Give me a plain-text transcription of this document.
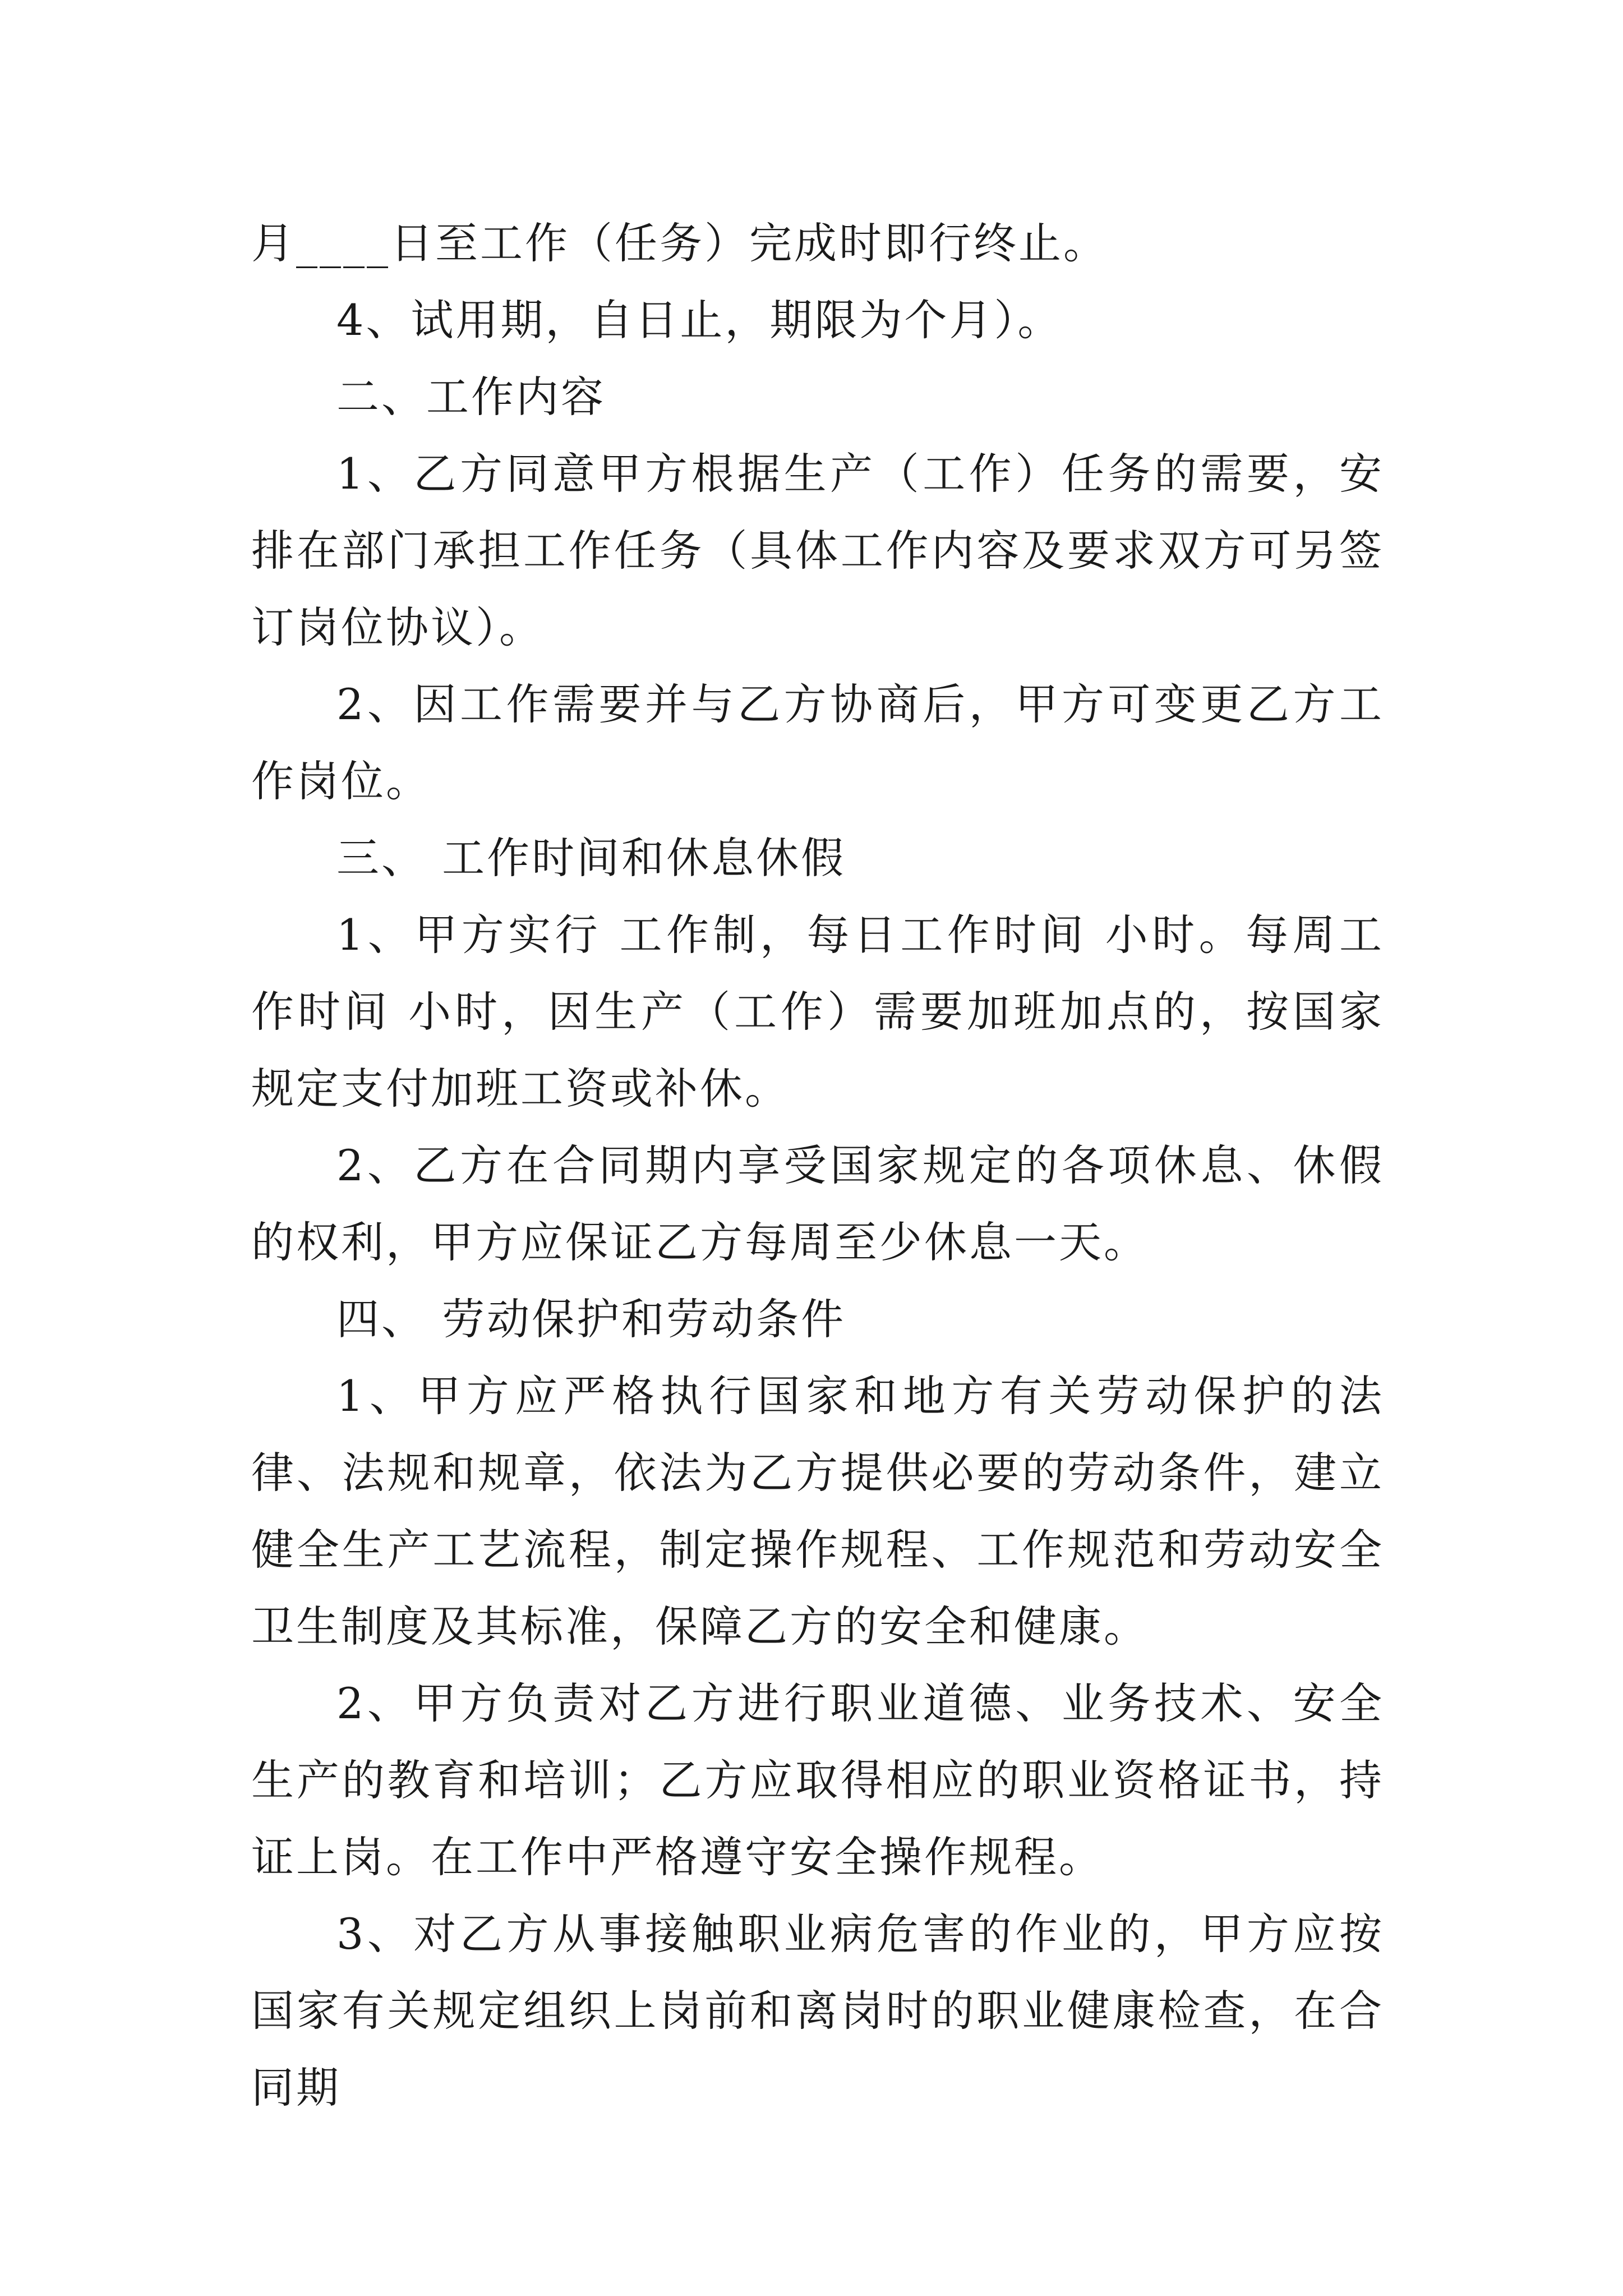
月____日至工作（任务）完成时即行终止。

4、试用期，自日止，期限为个月）。

二、工作内容

1、乙方同意甲方根据生产（工作）任务的需要，安排在部门承担工作任务（具体工作内容及要求双方可另签订岗位协议）。

2、因工作需要并与乙方协商后，甲方可变更乙方工作岗位。

三、 工作时间和休息休假

1、甲方实行 工作制，每日工作时间 小时。每周工作时间 小时，因生产（工作）需要加班加点的，按国家规定支付加班工资或补休。

2、乙方在合同期内享受国家规定的各项休息、休假的权利，甲方应保证乙方每周至少休息一天。

四、 劳动保护和劳动条件

1、甲方应严格执行国家和地方有关劳动保护的法律、法规和规章，依法为乙方提供必要的劳动条件，建立健全生产工艺流程，制定操作规程、工作规范和劳动安全卫生制度及其标准，保障乙方的安全和健康。

2、甲方负责对乙方进行职业道德、业务技术、安全生产的教育和培训；乙方应取得相应的职业资格证书，持证上岗。在工作中严格遵守安全操作规程。

3、对乙方从事接触职业病危害的作业的，甲方应按国家有关规定组织上岗前和离岗时的职业健康检查，在合同期
